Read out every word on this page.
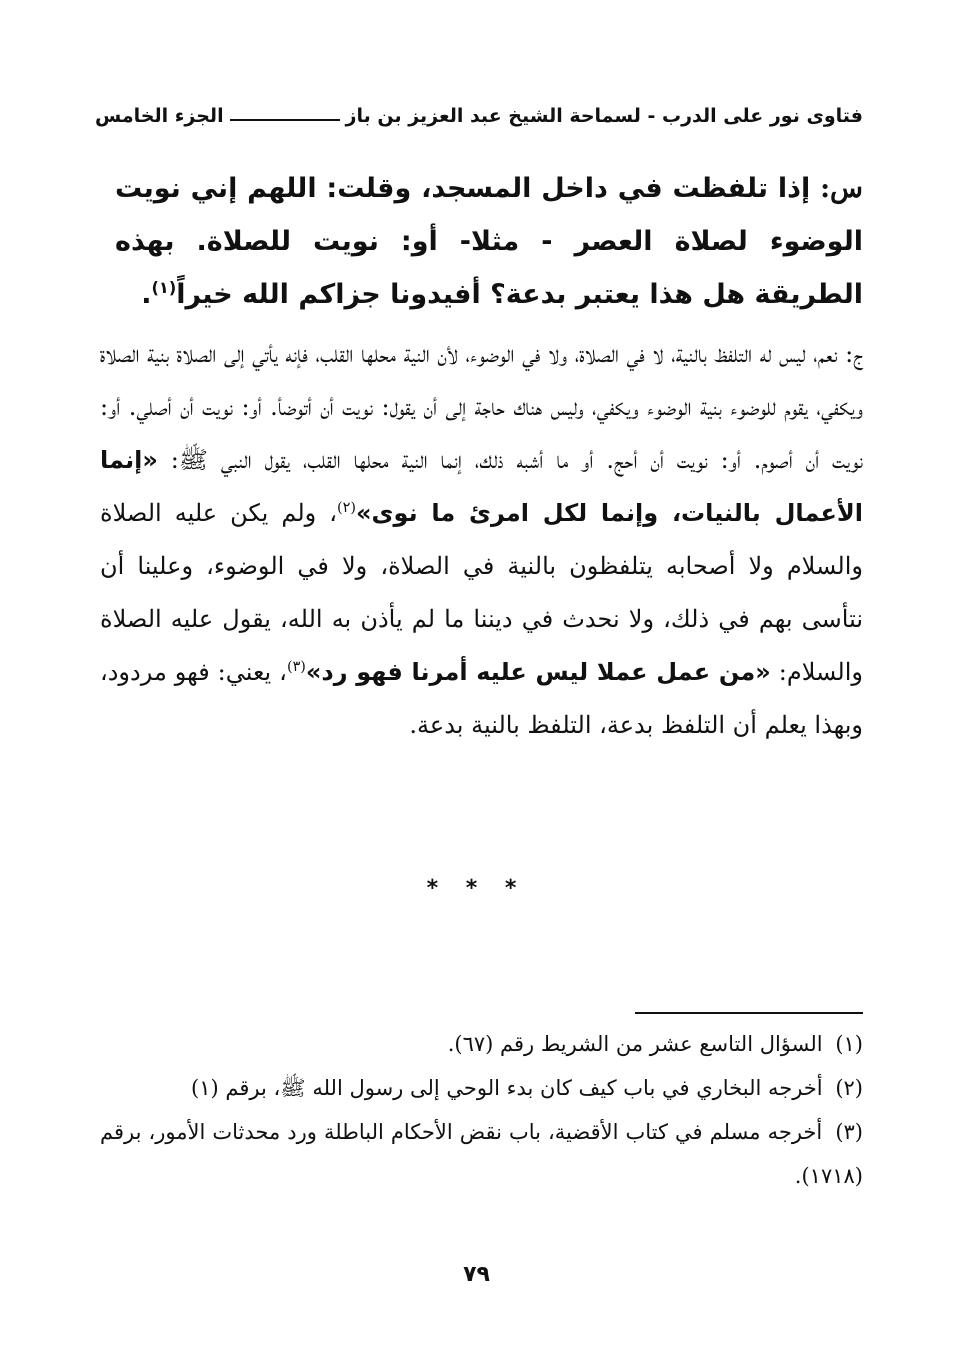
فتاوى نور على الدرب - لسماحة الشيخ عبد العزيز بن باز
الجزء الخامس
س: إذا تلفظت في داخل المسجد، وقلت: اللهم إني نويت الوضوء لصلاة العصر - مثلا- أو: نويت للصلاة. بهذه الطريقة هل هذا يعتبر بدعة؟ أفيدونا جزاكم الله خيراً$^{(١)}$.
ج: نعم، ليس له التلفظ بالنية، لا في الصلاة، ولا في الوضوء، لأن النية محلها القلب، فإنه يأتي إلى الصلاة بنية الصلاة ويكفي، يقوم للوضوء بنية الوضوء ويكفي، وليس هناك حاجة إلى أن يقول: نويت أن أتوضأ. أو: نويت أن أصلي. أو: نويت أن أصوم. أو: نويت أن أحج. أو ما أشبه ذلك، إنما النية محلها القلب، يقول النبي ﷺ: «إنما الأعمال بالنيات، وإنما لكل امرئ ما نوى»$^{(٢)}$، ولم يكن عليه الصلاة والسلام ولا أصحابه يتلفظون بالنية في الصلاة، ولا في الوضوء، وعلينا أن نتأسى بهم في ذلك، ولا نحدث في ديننا ما لم يأذن به الله، يقول عليه الصلاة والسلام: «من عمل عملا ليس عليه أمرنا فهو رد»$^{(٣)}$، يعني: فهو مردود، وبهذا يعلم أن التلفظ بدعة، التلفظ بالنية بدعة.
* * *

(١) السؤال التاسع عشر من الشريط رقم (٦٧).

(٢) أخرجه البخاري في باب كيف كان بدء الوحي إلى رسول الله ﷺ، برقم (١)

(٣) أخرجه مسلم في كتاب الأقضية، باب نقض الأحكام الباطلة ورد محدثات الأمور، برقم (١٧١٨).

٧٩
